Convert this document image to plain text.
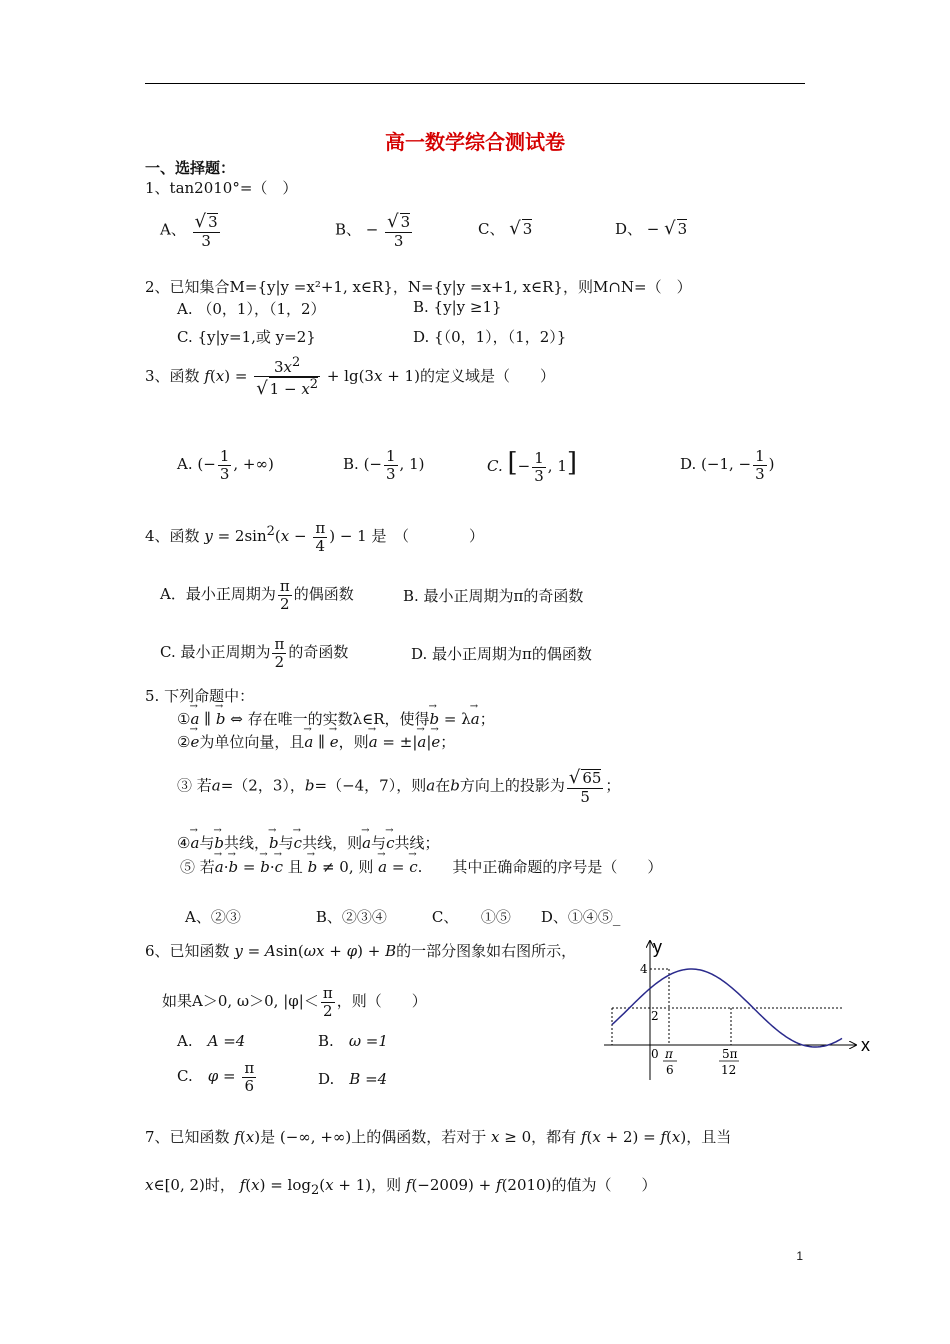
高一数学综合测试卷
一、选择题：
1、tan2010°=（　）
A、 $\frac{√ 3}{3}$	B、 − $\frac{√ 3}{3}$	C、 √ 3	D、 − √ 3
2、已知集合M={y|y =x²+1, x∈R}，N={y|y =x+1, x∈R}，则M∩N=（　）
A. （0，1），（1，2）	B. {y|y ≥1}
C. {y|y=1,或 y=2}	D. {（0，1），（1，2）}
3、函数 $f(x) = \frac{3x^2}{√ 1 - x^2} + \lg(3x + 1)$的定义域是（　　）
A. (− $\frac{1}{3}$ , +∞)	B. (− $\frac{1}{3}$ , 1)	C. [− $\frac{1}{3}$ , 1]	D. (−1, − $\frac{1}{3}$ )
4、函数 $y = 2\sin^2(x - \frac{\pi}{4}$ ) − 1 是　（　　　　）
A．最小正周期为 $\frac{\pi}{2}$ 的偶函数	B. 最小正周期为π的奇函数
C. 最小正周期为 $\frac{\pi}{2}$ 的奇函数	D. 最小正周期为π的偶函数
5. 下列命题中：
①→ a ∥ → b ⇔ 存在唯一的实数λ∈R，使得→ b = λ→ a；
②→ e为单位向量，且→ a ∥ → e，则→ a = ±|→ a|→ e；
③ 若a=（2，3），b=（−4，7），则a在b方向上的投影为 $\frac{√ 65}{5}$ ；
④→ a与→ b共线，→ b与→ c共线，则→ a与→ c共线；
⑤ 若→ a·→ b = → b·→ c 且 → b ≠ 0, 则 → a = → c.　　其中正确命题的序号是（　　）
A、②③　　　　　B、②③④　　　C、　　①⑤　　D、①④⑤_
6、已知函数 y = Asin(ωx + φ) + B的一部分图象如右图所示，
如果A＞0, ω＞0, $|\varphi|< \frac{\pi}{2}$ ，则（　　）
A.　 A =4	B.　 ω =1
C.　 $\varphi = \frac{\pi}{6}$	D.　 B =4
y
x
4
2
0 π
6
5π
12
7、已知函数 f(x)是 (−∞, +∞)上的偶函数，若对于 x ≥ 0，都有 f(x + 2) = f(x)，且当
x∈[0, 2)时， $f(x) = \log_2(x + 1)$，则 f(−2009) + f(2010)的值为（　　）
1
